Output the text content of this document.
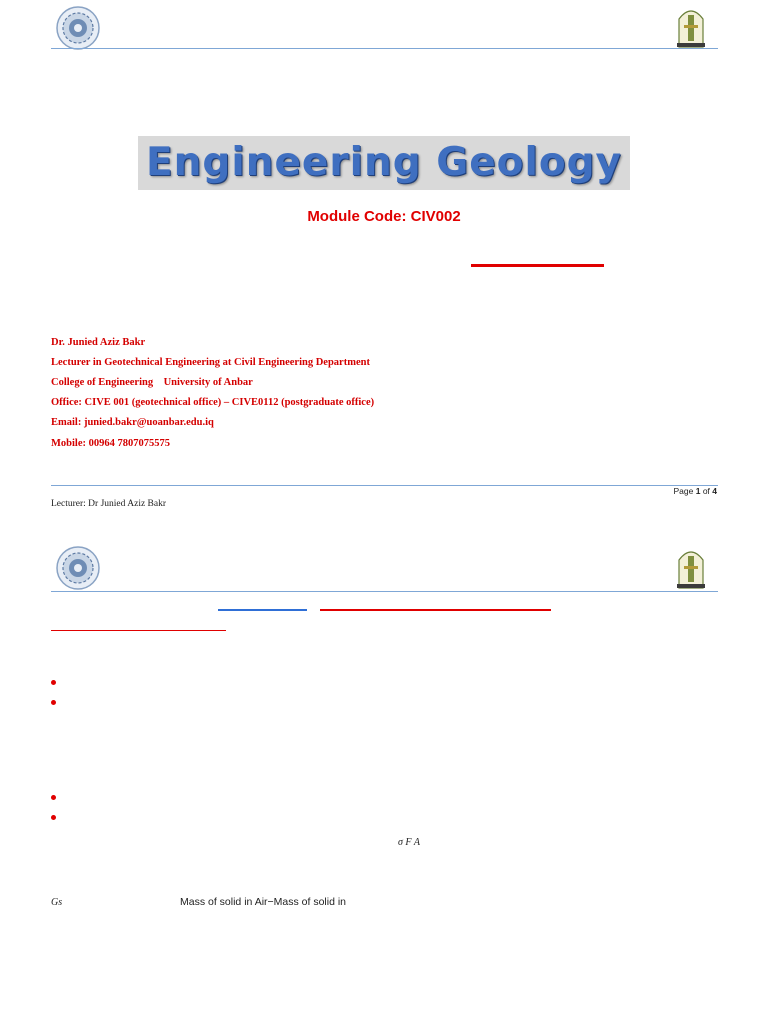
Engineering Geology
Module Code: CIV002
Dr. Junied Aziz Bakr
Lecturer in Geotechnical Engineering at Civil Engineering Department
College of Engineering    University of Anbar
Office: CIVE 001 (geotechnical office) – CIVE0112 (postgraduate office)
Email: junied.bakr@uoanbar.edu.iq
Mobile: 00964 7807075575
Page 1 of 4
Lecturer: Dr Junied Aziz Bakr
σ F A
Gs	Mass of solid in Air−Mass of solid in
